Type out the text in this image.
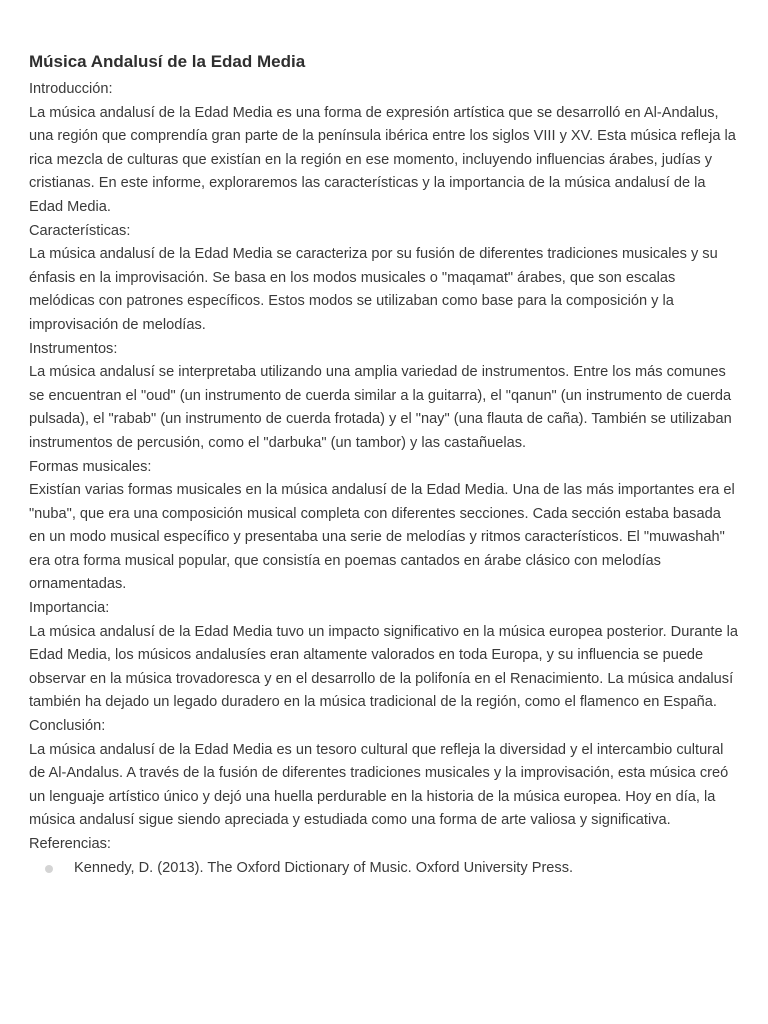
Música Andalusí de la Edad Media

Introducción:

La música andalusí de la Edad Media es una forma de expresión artística que se desarrolló en Al-Andalus, una región que comprendía gran parte de la península ibérica entre los siglos VIII y XV. Esta música refleja la rica mezcla de culturas que existían en la región en ese momento, incluyendo influencias árabes, judías y cristianas. En este informe, exploraremos las características y la importancia de la música andalusí de la Edad Media.

Características:

La música andalusí de la Edad Media se caracteriza por su fusión de diferentes tradiciones musicales y su énfasis en la improvisación. Se basa en los modos musicales o "maqamat" árabes, que son escalas melódicas con patrones específicos. Estos modos se utilizaban como base para la composición y la improvisación de melodías.

Instrumentos:

La música andalusí se interpretaba utilizando una amplia variedad de instrumentos. Entre los más comunes se encuentran el "oud" (un instrumento de cuerda similar a la guitarra), el "qanun" (un instrumento de cuerda pulsada), el "rabab" (un instrumento de cuerda frotada) y el "nay" (una flauta de caña). También se utilizaban instrumentos de percusión, como el "darbuka" (un tambor) y las castañuelas.

Formas musicales:

Existían varias formas musicales en la música andalusí de la Edad Media. Una de las más importantes era el "nuba", que era una composición musical completa con diferentes secciones. Cada sección estaba basada en un modo musical específico y presentaba una serie de melodías y ritmos característicos. El "muwashah" era otra forma musical popular, que consistía en poemas cantados en árabe clásico con melodías ornamentadas.

Importancia:

La música andalusí de la Edad Media tuvo un impacto significativo en la música europea posterior. Durante la Edad Media, los músicos andalusíes eran altamente valorados en toda Europa, y su influencia se puede observar en la música trovadoresca y en el desarrollo de la polifonía en el Renacimiento. La música andalusí también ha dejado un legado duradero en la música tradicional de la región, como el flamenco en España.

Conclusión:

La música andalusí de la Edad Media es un tesoro cultural que refleja la diversidad y el intercambio cultural de Al-Andalus. A través de la fusión de diferentes tradiciones musicales y la improvisación, esta música creó un lenguaje artístico único y dejó una huella perdurable en la historia de la música europea. Hoy en día, la música andalusí sigue siendo apreciada y estudiada como una forma de arte valiosa y significativa.

Referencias:

Kennedy, D. (2013). The Oxford Dictionary of Music. Oxford University Press.
